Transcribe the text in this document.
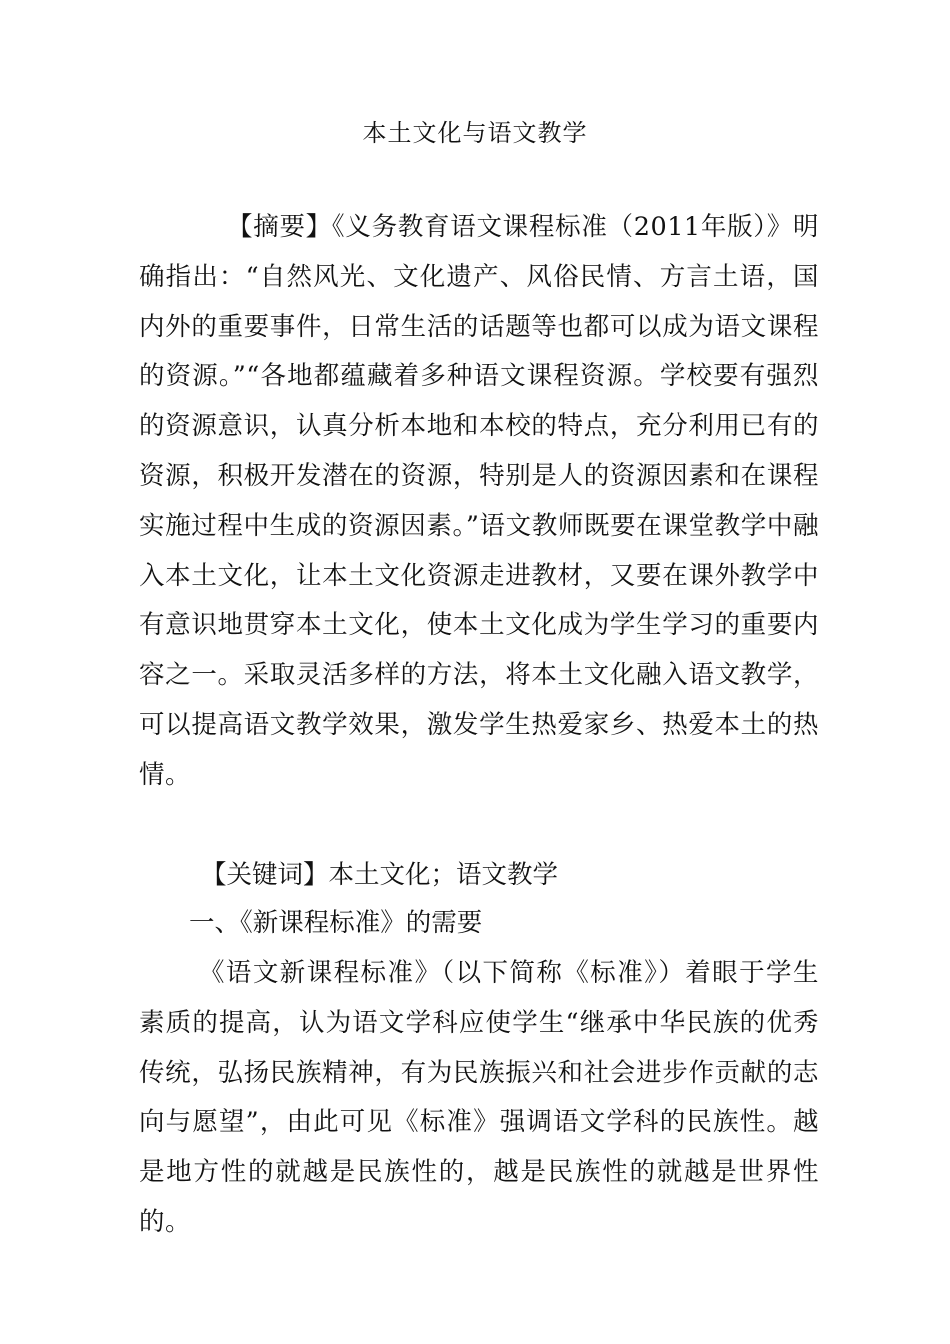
本土文化与语文教学

【摘要】《义务教育语文课程标准（2011年版）》明确指出：“自然风光、文化遗产、风俗民情、方言土语，国内外的重要事件，日常生活的话题等也都可以成为语文课程的资源。”“各地都蕴藏着多种语文课程资源。学校要有强烈的资源意识，认真分析本地和本校的特点，充分利用已有的资源，积极开发潜在的资源，特别是人的资源因素和在课程实施过程中生成的资源因素。”语文教师既要在课堂教学中融入本土文化，让本土文化资源走进教材，又要在课外教学中有意识地贯穿本土文化，使本土文化成为学生学习的重要内容之一。采取灵活多样的方法，将本土文化融入语文教学，可以提高语文教学效果，激发学生热爱家乡、热爱本土的热情。

【关键词】本土文化；语文教学

一、《新课程标准》的需要

《语文新课程标准》（以下简称《标准》）着眼于学生素质的提高，认为语文学科应使学生“继承中华民族的优秀传统，弘扬民族精神，有为民族振兴和社会进步作贡献的志向与愿望”，由此可见《标准》强调语文学科的民族性。越是地方性的就越是民族性的，越是民族性的就越是世界性的。
